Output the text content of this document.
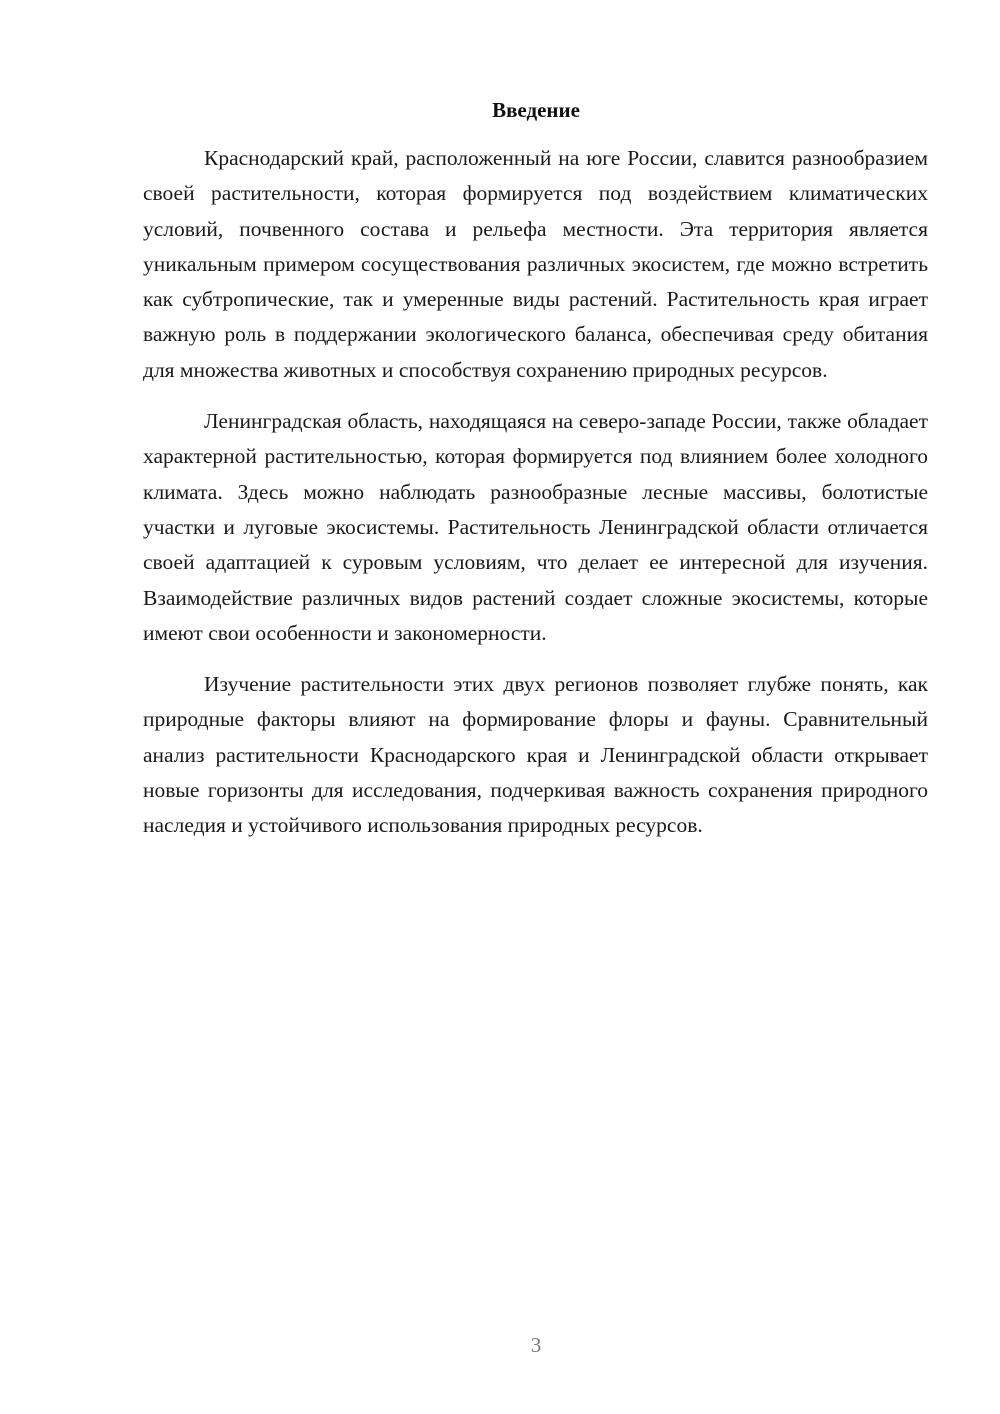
Введение

Краснодарский край, расположенный на юге России, славится разнообразием своей растительности, которая формируется под воздействием климатических условий, почвенного состава и рельефа местности. Эта территория является уникальным примером сосуществования различных экосистем, где можно встретить как субтропические, так и умеренные виды растений. Растительность края играет важную роль в поддержании экологического баланса, обеспечивая среду обитания для множества животных и способствуя сохранению природных ресурсов.

Ленинградская область, находящаяся на северо-западе России, также обладает характерной растительностью, которая формируется под влиянием более холодного климата. Здесь можно наблюдать разнообразные лесные массивы, болотистые участки и луговые экосистемы. Растительность Ленинградской области отличается своей адаптацией к суровым условиям, что делает ее интересной для изучения. Взаимодействие различных видов растений создает сложные экосистемы, которые имеют свои особенности и закономерности.

Изучение растительности этих двух регионов позволяет глубже понять, как природные факторы влияют на формирование флоры и фауны. Сравнительный анализ растительности Краснодарского края и Ленинградской области открывает новые горизонты для исследования, подчеркивая важность сохранения природного наследия и устойчивого использования природных ресурсов.

3
